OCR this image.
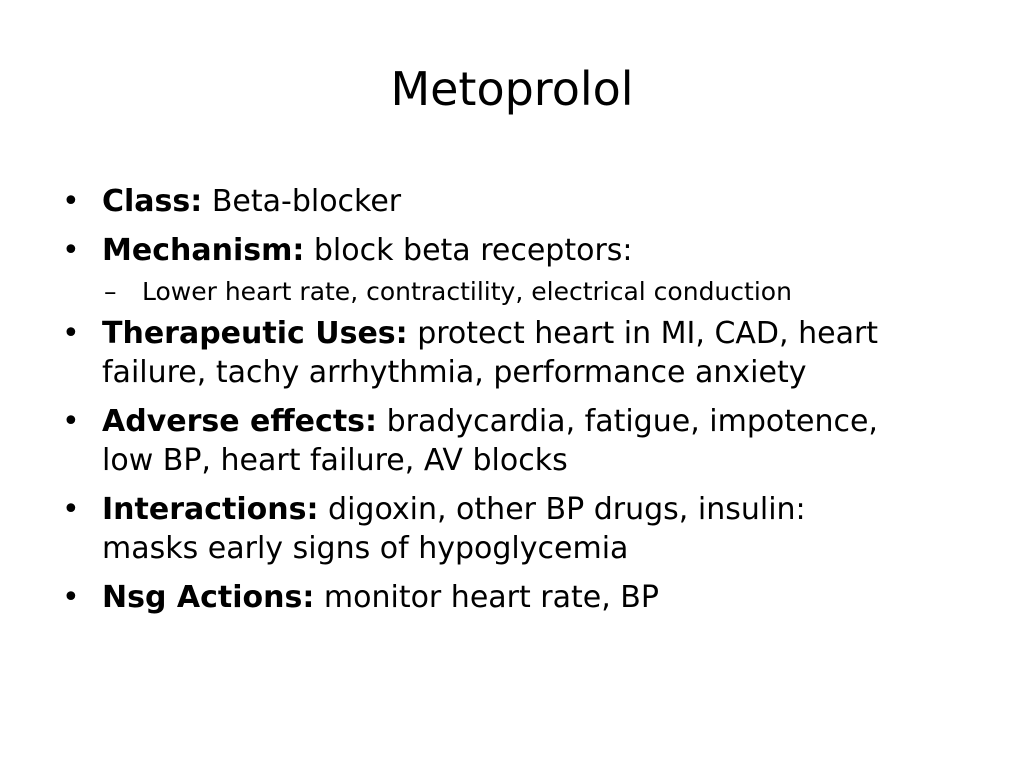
Metoprolol
• Class: Beta-blocker
• Mechanism: block beta receptors:
– Lower heart rate, contractility, electrical conduction
• Therapeutic Uses: protect heart in MI, CAD, heart
failure, tachy arrhythmia, performance anxiety
• Adverse effects: bradycardia, fatigue, impotence,
low BP, heart failure, AV blocks
• Interactions: digoxin, other BP drugs, insulin:
masks early signs of hypoglycemia
• Nsg Actions: monitor heart rate, BP
